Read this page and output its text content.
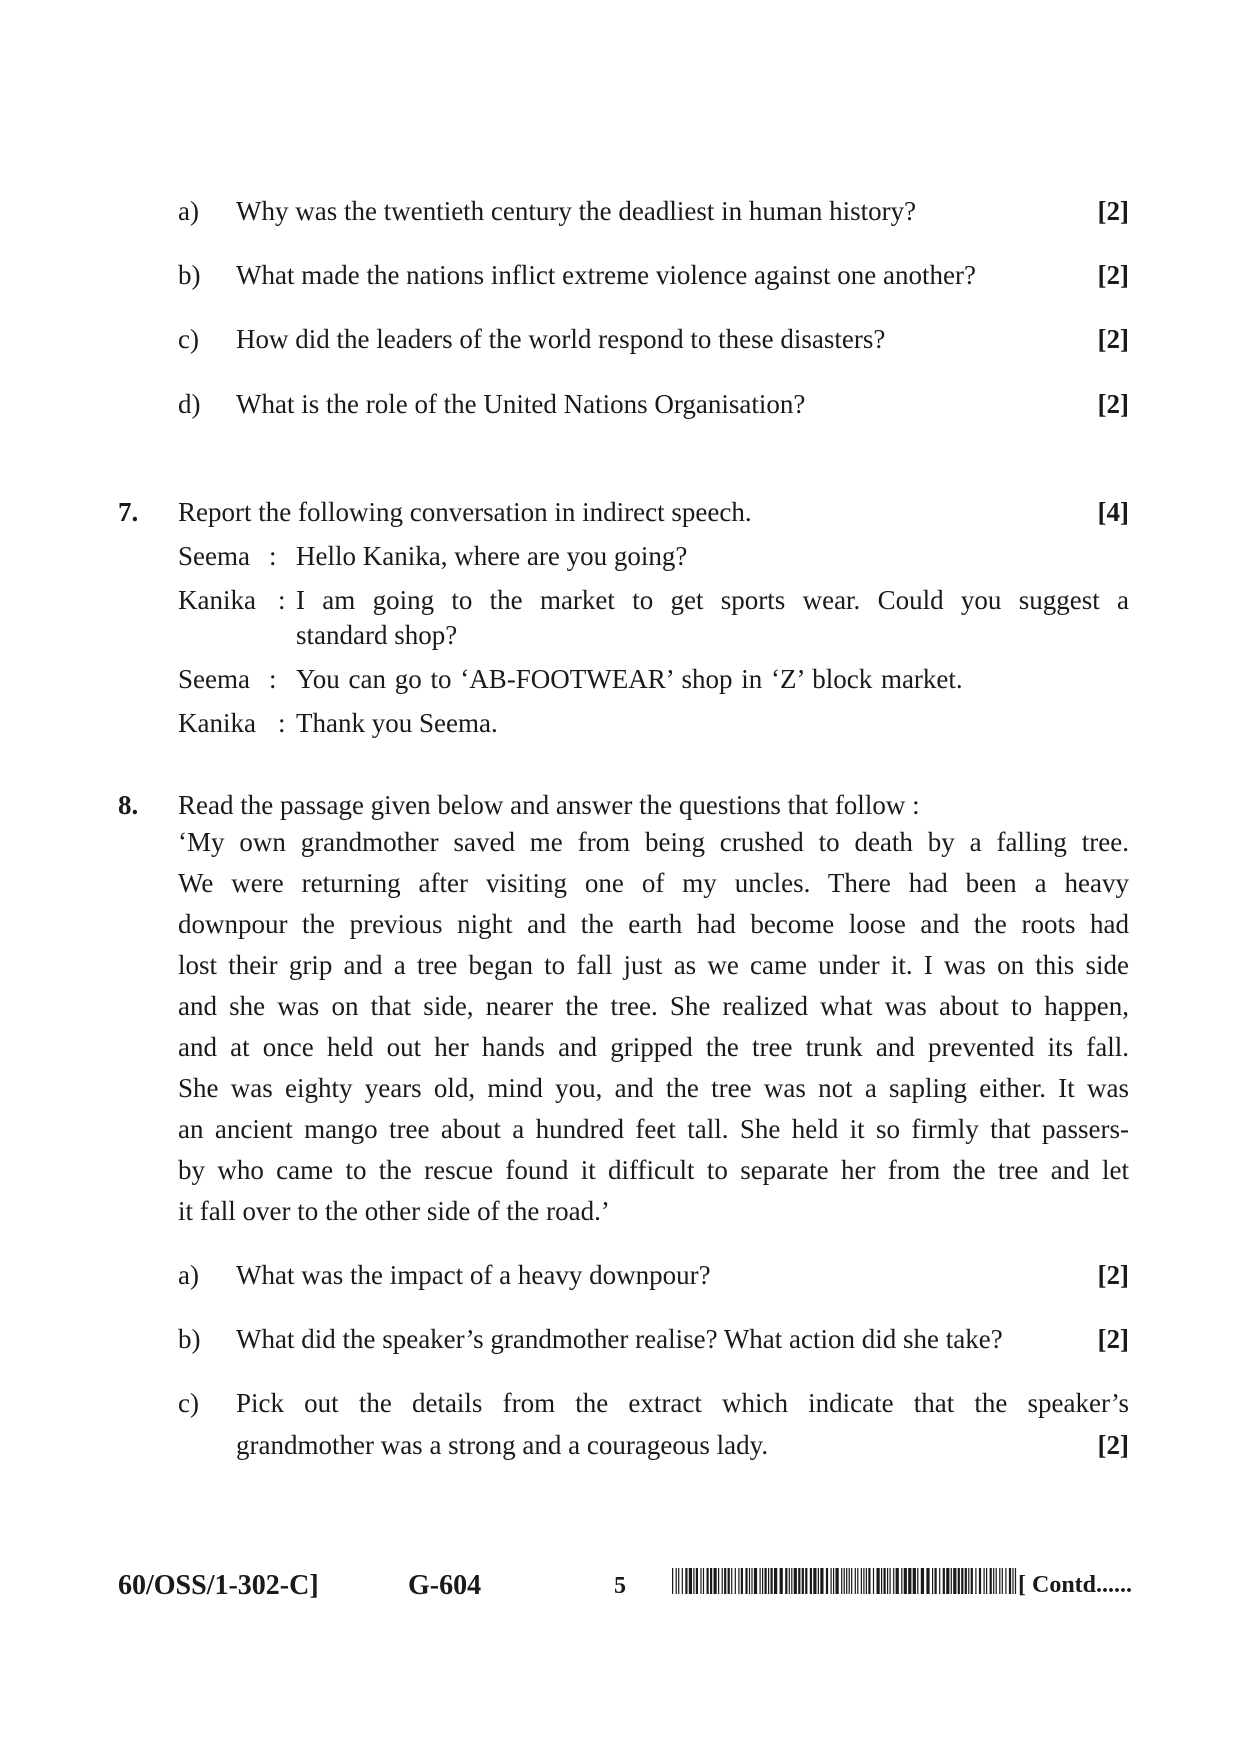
a) Why was the twentieth century the deadliest in human history?	[2]
b) What made the nations inflict extreme violence against one another?	[2]
c) How did the leaders of the world respond to these disasters?	[2]
d) What is the role of the United Nations Organisation?	[2]
7. Report the following conversation in indirect speech.	[4]
Seema : Hello Kanika, where are you going?
Kanika : I am going to the market to get sports wear. Could you suggest a
standard shop?
Seema : You can go to ‘AB-FOOTWEAR’ shop in ‘Z’ block market.
Kanika : Thank you Seema.
8. Read the passage given below and answer the questions that follow :
‘My own grandmother saved me from being crushed to death by a falling tree.
We were returning after visiting one of my uncles. There had been a heavy
downpour the previous night and the earth had become loose and the roots had
lost their grip and a tree began to fall just as we came under it. I was on this side
and she was on that side, nearer the tree. She realized what was about to happen,
and at once held out her hands and gripped the tree trunk and prevented its fall.
She was eighty years old, mind you, and the tree was not a sapling either. It was
an ancient mango tree about a hundred feet tall. She held it so firmly that passers-
by who came to the rescue found it difficult to separate her from the tree and let
it fall over to the other side of the road.’
a) What was the impact of a heavy downpour?	[2]
b) What did the speaker’s grandmother realise? What action did she take?	[2]
c) Pick out the details from the extract which indicate that the speaker’s
grandmother was a strong and a courageous lady.	[2]
60/OSS/1-302-C]	G-604	5	[ Contd......
